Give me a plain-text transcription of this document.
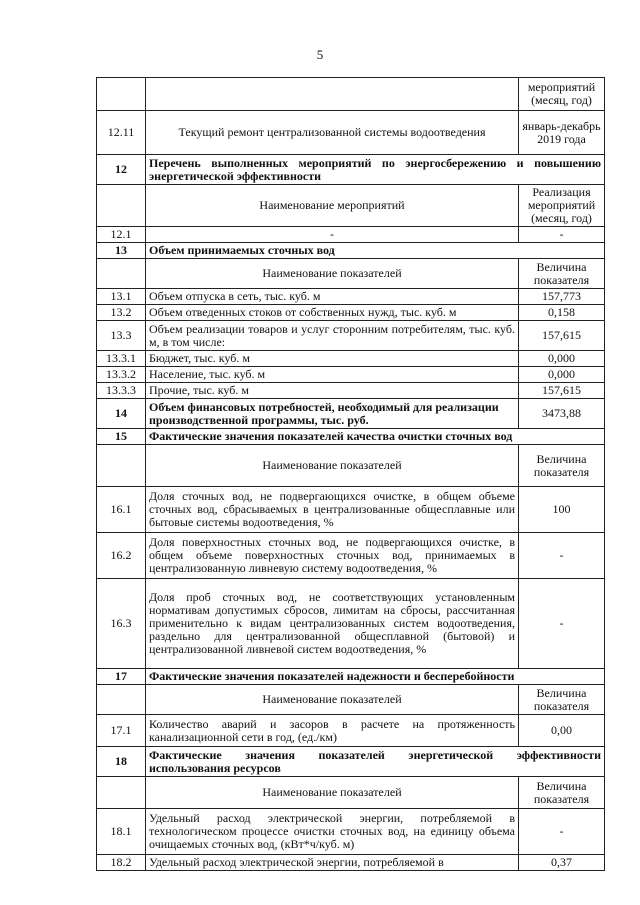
5
		мероприятий (месяц, год)
12.11	Текущий ремонт централизованной системы водоотведения	январь-декабрь 2019 года
12	Перечень выполненных мероприятий по энергосбережению и повышению энергетической эффективности	
	Наименование мероприятий	Реализация мероприятий (месяц, год)
12.1	-	-
13	Объем принимаемых сточных вод	
	Наименование показателей	Величина показателя
13.1	Объем отпуска в сеть, тыс. куб. м	157,773
13.2	Объем отведенных стоков от собственных нужд, тыс. куб. м	0,158
13.3	Объем реализации товаров и услуг сторонним потребителям, тыс. куб. м, в том числе:	157,615
13.3.1	Бюджет, тыс. куб. м	0,000
13.3.2	Население, тыс. куб. м	0,000
13.3.3	Прочие, тыс. куб. м	157,615
14	Объем финансовых потребностей, необходимый для реализации производственной программы, тыс. руб.	3473,88
15	Фактические значения показателей качества очистки сточных вод	
	Наименование показателей	Величина показателя
16.1	Доля сточных вод, не подвергающихся очистке, в общем объеме сточных вод, сбрасываемых в централизованные общесплавные или бытовые системы водоотведения, %	100
16.2	Доля поверхностных сточных вод, не подвергающихся очистке, в общем объеме поверхностных сточных вод, принимаемых в централизованную ливневую систему водоотведения, %	-
16.3	Доля проб сточных вод, не соответствующих установленным нормативам допустимых сбросов, лимитам на сбросы, рассчитанная применительно к видам централизованных систем водоотведения, раздельно для централизованной общесплавной (бытовой) и централизованной ливневой систем водоотведения, %	-
17	Фактические значения показателей надежности и бесперебойности	
	Наименование показателей	Величина показателя
17.1	Количество аварий и засоров в расчете на протяженность канализационной сети в год, (ед./км)	0,00
18	Фактические значения показателей энергетической эффективности использования ресурсов	
	Наименование показателей	Величина показателя
18.1	Удельный расход электрической энергии, потребляемой в технологическом процессе очистки сточных вод, на единицу объема очищаемых сточных вод, (кВт*ч/куб. м)	-
18.2	Удельный расход электрической энергии, потребляемой в	0,37
